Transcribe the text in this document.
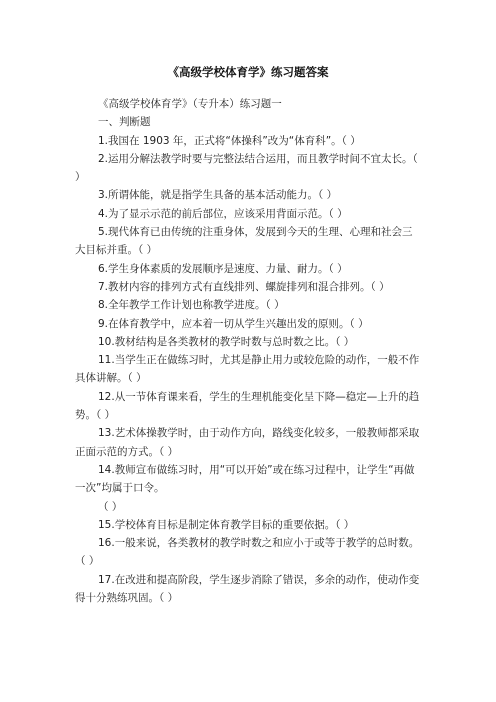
《高级学校体育学》练习题答案

《高级学校体育学》（专升本）练习题一

一、判断题

1.我国在 1903 年，正式将“体操科”改为“体育科”。（ ）

2.运用分解法教学时要与完整法结合运用，而且教学时间不宜太长。（ ）

3.所谓体能，就是指学生具备的基本活动能力。（ ）

4.为了显示示范的前后部位，应该采用背面示范。（ ）

5.现代体育已由传统的注重身体，发展到今天的生理、心理和社会三大目标并重。（ ）

6.学生身体素质的发展顺序是速度、力量、耐力。（ ）

7.教材内容的排列方式有直线排列、螺旋排列和混合排列。（ ）

8.全年教学工作计划也称教学进度。（ ）

9.在体育教学中，应本着一切从学生兴趣出发的原则。（ ）

10.教材结构是各类教材的教学时数与总时数之比。（ ）

11.当学生正在做练习时，尤其是静止用力或较危险的动作，一般不作具体讲解。（ ）

12.从一节体育课来看，学生的生理机能变化呈下降—稳定—上升的趋势。（ ）

13.艺术体操教学时，由于动作方向，路线变化较多，一般教师都采取正面示范的方式。（ ）

14.教师宣布做练习时，用“可以开始”或在练习过程中，让学生“再做一次”均属于口令。

（ ）

15.学校体育目标是制定体育教学目标的重要依据。（ ）

16.一般来说，各类教材的教学时数之和应小于或等于教学的总时数。（ ）

17.在改进和提高阶段，学生逐步消除了错误，多余的动作，使动作变得十分熟练巩固。（ ）
